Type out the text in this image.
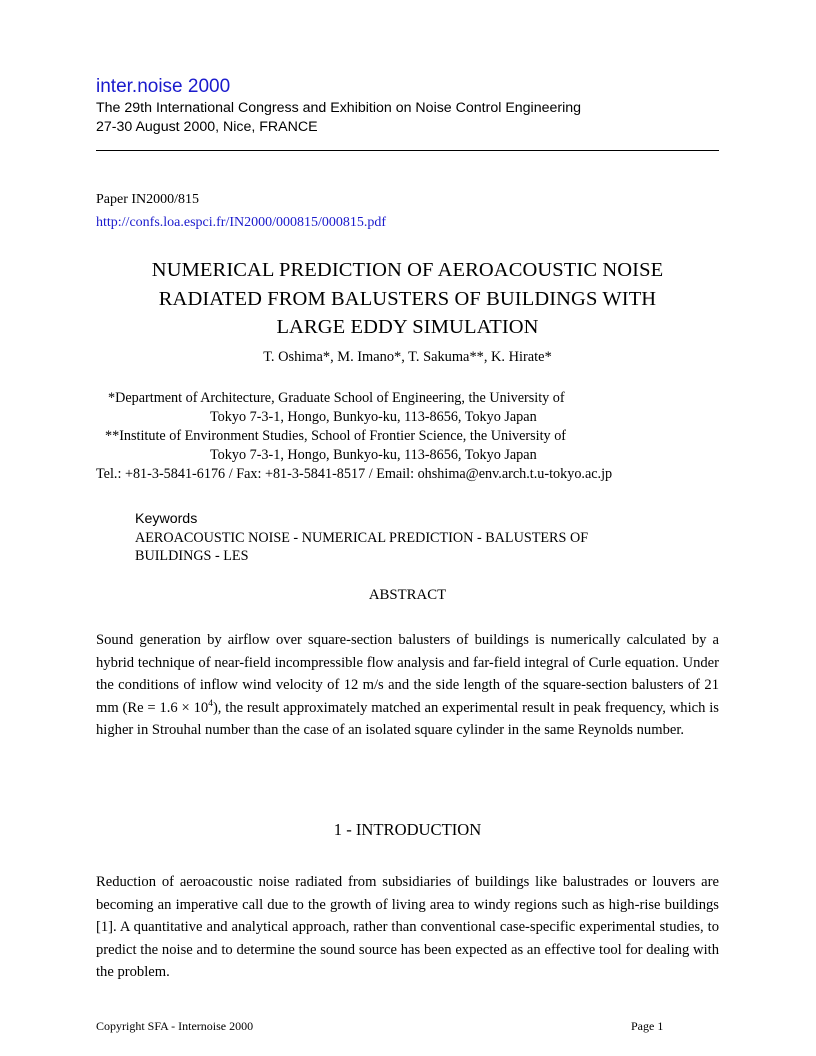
inter.noise 2000
The 29th International Congress and Exhibition on Noise Control Engineering
27-30 August 2000, Nice, FRANCE
Paper IN2000/815
http://confs.loa.espci.fr/IN2000/000815/000815.pdf
NUMERICAL PREDICTION OF AEROACOUSTIC NOISE
RADIATED FROM BALUSTERS OF BUILDINGS WITH
LARGE EDDY SIMULATION
T. Oshima*, M. Imano*, T. Sakuma**, K. Hirate*
*Department of Architecture, Graduate School of Engineering, the University of
Tokyo 7-3-1, Hongo, Bunkyo-ku, 113-8656, Tokyo Japan
**Institute of Environment Studies, School of Frontier Science, the University of
Tokyo 7-3-1, Hongo, Bunkyo-ku, 113-8656, Tokyo Japan
Tel.: +81-3-5841-6176 / Fax: +81-3-5841-8517 / Email: ohshima@env.arch.t.u-tokyo.ac.jp
Keywords
AEROACOUSTIC NOISE - NUMERICAL PREDICTION - BALUSTERS OF
BUILDINGS - LES
ABSTRACT
Sound generation by airflow over square-section balusters of buildings is numerically calculated by a hybrid technique of near-field incompressible flow analysis and far-field integral of Curle equation. Under the conditions of inflow wind velocity of 12 m/s and the side length of the square-section balusters of 21 mm $(Re = 1.6 \times 10^4)$, the result approximately matched an experimental result in peak frequency, which is higher in Strouhal number than the case of an isolated square cylinder in the same Reynolds number.
1 - INTRODUCTION
Reduction of aeroacoustic noise radiated from subsidiaries of buildings like balustrades or louvers are becoming an imperative call due to the growth of living area to windy regions such as high-rise buildings [1]. A quantitative and analytical approach, rather than conventional case-specific experimental studies, to predict the noise and to determine the sound source has been expected as an effective tool for dealing with the problem.
Copyright SFA - Internoise 2000	Page 1
